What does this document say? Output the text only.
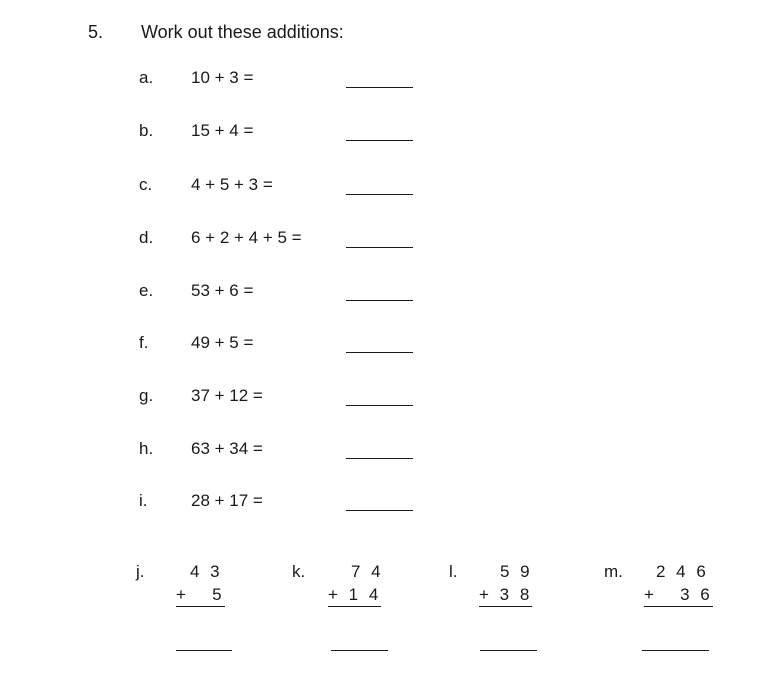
5. Work out these additions:
a. 10 + 3 =
b. 15 + 4 =
c. 4 + 5 + 3 =
d. 6 + 2 + 4 + 5 =
e. 53 + 6 =
f.	49 + 5 =
g. 37 + 12 =
h. 63 + 34 =
i.	28 + 17 =
j.	4 3
+   5
k.	7 4
+ 1 4
l.	5 9
+ 3 8
m. 2 4 6
+   3 6
